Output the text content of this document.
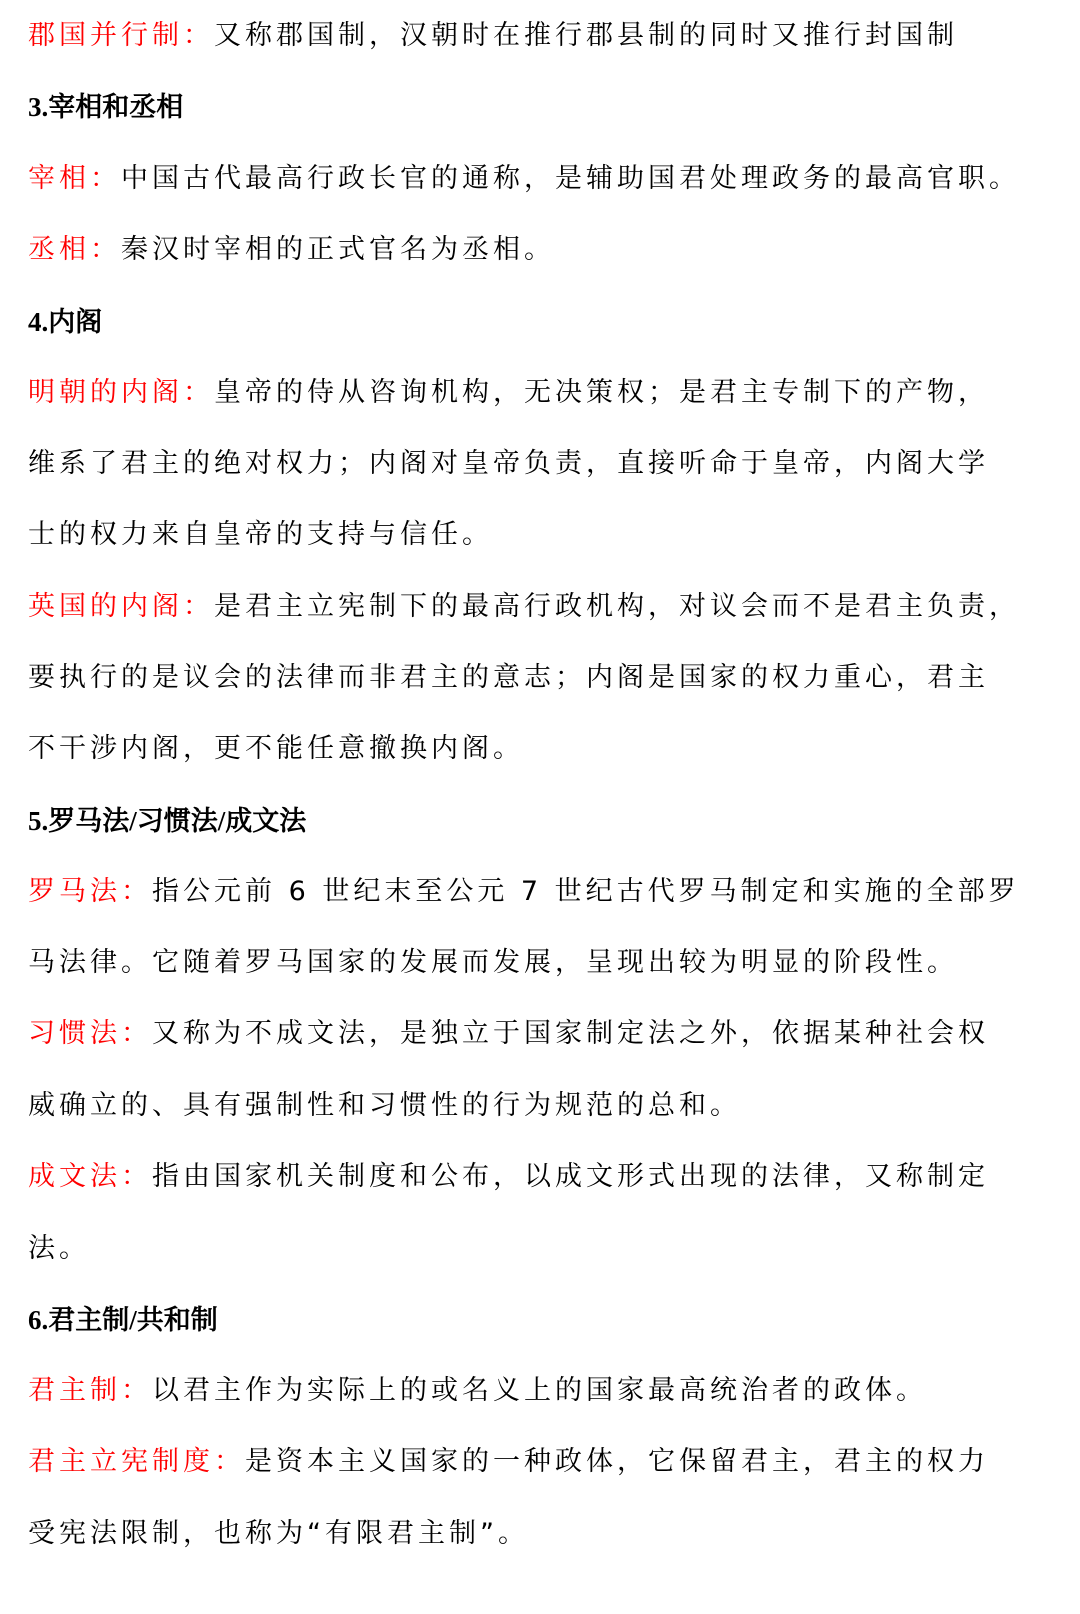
郡国并行制：又称郡国制，汉朝时在推行郡县制的同时又推行封国制
3.宰相和丞相
宰相：中国古代最高行政长官的通称，是辅助国君处理政务的最高官职。
丞相：秦汉时宰相的正式官名为丞相。
4.内阁
明朝的内阁：皇帝的侍从咨询机构，无决策权；是君主专制下的产物，
维系了君主的绝对权力；内阁对皇帝负责，直接听命于皇帝，内阁大学
士的权力来自皇帝的支持与信任。
英国的内阁：是君主立宪制下的最高行政机构，对议会而不是君主负责，
要执行的是议会的法律而非君主的意志；内阁是国家的权力重心，君主
不干涉内阁，更不能任意撤换内阁。
5.罗马法/习惯法/成文法
罗马法：指公元前 6 世纪末至公元 7 世纪古代罗马制定和实施的全部罗
马法律。它随着罗马国家的发展而发展，呈现出较为明显的阶段性。
习惯法：又称为不成文法，是独立于国家制定法之外，依据某种社会权
威确立的、具有强制性和习惯性的行为规范的总和。
成文法：指由国家机关制度和公布，以成文形式出现的法律，又称制定
法。
6.君主制/共和制
君主制：以君主作为实际上的或名义上的国家最高统治者的政体。
君主立宪制度：是资本主义国家的一种政体，它保留君主，君主的权力
受宪法限制，也称为“有限君主制”。
